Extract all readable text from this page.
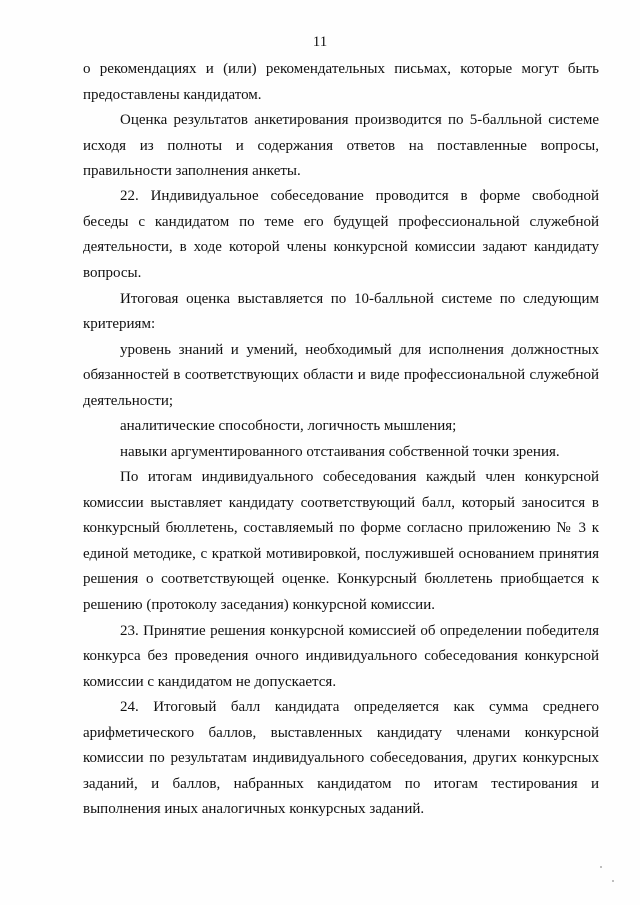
11
о рекомендациях и (или) рекомендательных письмах, которые могут быть
предоставлены кандидатом.
Оценка результатов анкетирования производится по 5-балльной системе
исходя из полноты и содержания ответов на поставленные вопросы,
правильности заполнения анкеты.
22. Индивидуальное собеседование проводится в форме свободной
беседы с кандидатом по теме его будущей профессиональной служебной
деятельности, в ходе которой члены конкурсной комиссии задают кандидату
вопросы.
Итоговая оценка выставляется по 10-балльной системе по следующим
критериям:
уровень знаний и умений, необходимый для исполнения должностных
обязанностей в соответствующих области и виде профессиональной служебной
деятельности;
аналитические способности, логичность мышления;
навыки аргументированного отстаивания собственной точки зрения.
По итогам индивидуального собеседования каждый член конкурсной
комиссии выставляет кандидату соответствующий балл, который заносится в
конкурсный бюллетень, составляемый по форме согласно приложению № 3 к
единой методике, с краткой мотивировкой, послужившей основанием принятия
решения о соответствующей оценке. Конкурсный бюллетень приобщается к
решению (протоколу заседания) конкурсной комиссии.
23. Принятие решения конкурсной комиссией об определении победителя
конкурса без проведения очного индивидуального собеседования конкурсной
комиссии с кандидатом не допускается.
24. Итоговый балл кандидата определяется как сумма среднего
арифметического баллов, выставленных кандидату членами конкурсной
комиссии по результатам индивидуального собеседования, других конкурсных
заданий, и баллов, набранных кандидатом по итогам тестирования и
выполнения иных аналогичных конкурсных заданий.
